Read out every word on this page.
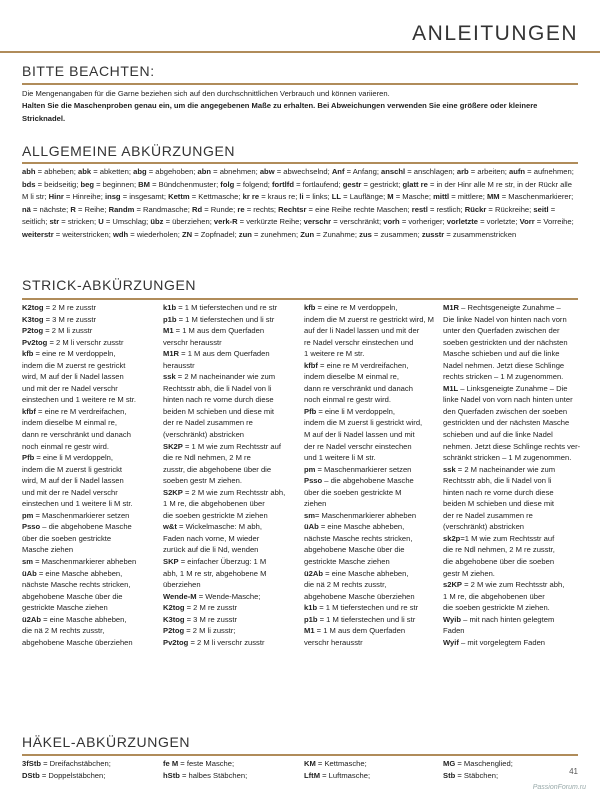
ANLEITUNGEN
BITTE BEACHTEN:
Die Mengenangaben für die Garne beziehen sich auf den durchschnittlichen Verbrauch und können variieren.
Halten Sie die Maschenproben genau ein, um die angegebenen Maße zu erhalten. Bei Abweichungen verwenden Sie eine größere oder kleinere Stricknadel.
ALLGEMEINE ABKÜRZUNGEN
abh = abheben; abk = abketten; abg = abgehoben; abn = abnehmen; abw = abwechselnd; Anf = Anfang; anschl = anschlagen; arb = arbeiten; aufn = aufnehmen; bds = beidseitig; beg = beginnen; BM = Bündchenmuster; folg = folgend; fortlfd = fortlaufend; gestr = gestrickt; glatt re = in der Hinr alle M re str, in der Rückr alle M li str; Hinr = Hinreihe; insg = insgesamt; Kettm = Kettmasche; kr re = kraus re; li = links; LL = Lauflänge; M = Masche; mittl = mittlere; MM = Maschenmarkierer; nä = nächste; R = Reihe; Randm = Randmasche; Rd = Runde; re = rechts; Rechtsr = eine Reihe rechte Maschen; restl = restlich; Rückr = Rückreihe; seitl = seitlich; str = stricken; U = Umschlag; übz = überziehen; verk-R = verkürzte Reihe; verschr = verschränkt; vorh = vorheriger; vorletzte = vorletzte; Vorr = Vorreihe; weiterstr = weiterstricken; wdh = wiederholen; ZN = Zopfnadel; zun = zunehmen; Zun = Zunahme; zus = zusammen; zusstr = zusammenstricken
STRICK-ABKÜRZUNGEN
K2tog = 2 M re zusstr
K3tog = 3 M re zusstr
P2tog = 2 M li zusstr
Pv2tog = 2 M li verschr zusstr
kfb = eine re M verdoppeln,
indem die M zuerst re gestrickt
wird, M auf der li Nadel lassen
und mit der re Nadel verschr
einstechen und 1 weitere re M str.
kfbf = eine re M verdreifachen,
indem dieselbe M einmal re,
dann re verschränkt und danach
noch einmal re gestr wird.
Pfb = eine li M verdoppeln,
indem die M zuerst li gestrickt
wird, M auf der li Nadel lassen
und mit der re Nadel verschr
einstechen und 1 weitere li M str.
pm = Maschenmarkierer setzen
Psso – die abgehobene Masche
über die soeben gestrickte
Masche ziehen
sm = Maschenmarkierer abheben
üAb = eine Masche abheben,
nächste Masche rechts stricken,
abgehobene Masche über die
gestrickte Masche ziehen
ü2Ab = eine Masche abheben,
die nä 2 M rechts zusstr,
abgehobene Masche überziehen
k1b = 1 M tieferstechen und re str
p1b = 1 M tieferstechen und li str
M1 = 1 M aus dem Querfaden
verschr herausstr
M1R = 1 M aus dem Querfaden
herausstr
ssk = 2 M nacheinander wie zum
Rechtsstr abh, die li Nadel von li
hinten nach re vorne durch diese
beiden M schieben und diese mit
der re Nadel zusammen re
(verschränkt) abstricken
SK2P = 1 M wie zum Rechtsstr auf
die re Ndl nehmen, 2 M re
zusstr, die abgehobene über die
soeben gestr M ziehen.
S2KP = 2 M wie zum Rechtsstr abh,
1 M re, die abgehobenen über
die soeben gestrickte M ziehen
w&t = Wickelmasche: M abh,
Faden nach vorne, M wieder
zurück auf die li Nd, wenden
SKP = einfacher Überzug: 1 M
abh, 1 M re str, abgehobene M
überziehen
Wende-M = Wende-Masche;
K2tog = 2 M re zusstr
K3tog = 3 M re zusstr
P2tog = 2 M li zusstr;
Pv2tog = 2 M li verschr zusstr
kfb = eine re M verdoppeln,
indem die M zuerst re gestrickt wird, M
auf der li Nadel lassen und mit der
re Nadel verschr einstechen und
1 weitere re M str.
kfbf = eine re M verdreifachen,
indem dieselbe M einmal re,
dann re verschränkt und danach
noch einmal re gestr wird.
Pfb = eine li M verdoppeln,
indem die M zuerst li gestrickt wird,
M auf der li Nadel lassen und mit
der re Nadel verschr einstechen
und 1 weitere li M str.
pm = Maschenmarkierer setzen
Psso – die abgehobene Masche
über die soeben gestrickte M
ziehen
sm= Maschenmarkierer abheben
üAb = eine Masche abheben,
nächste Masche rechts stricken,
abgehobene Masche über die
gestrickte Masche ziehen
ü2Ab = eine Masche abheben,
die nä 2 M rechts zusstr,
abgehobene Masche überziehen
k1b = 1 M tieferstechen und re str
p1b = 1 M tieferstechen und li str
M1 = 1 M aus dem Querfaden
verschr herausstr
M1R – Rechtsgeneigte Zunahme –
Die linke Nadel von hinten nach vorn
unter den Querfaden zwischen der
soeben gestrickten und der nächsten
Masche schieben und auf die linke
Nadel nehmen. Jetzt diese Schlinge
rechts stricken – 1 M zugenommen.
M1L – Linksgeneigte Zunahme – Die
linke Nadel von vorn nach hinten unter
den Querfaden zwischen der soeben
gestrickten und der nächsten Masche
schieben und auf die linke Nadel
nehmen. Jetzt diese Schlinge rechts ver-
schränkt stricken – 1 M zugenommen.
ssk = 2 M nacheinander wie zum
Rechtsstr abh, die li Nadel von li
hinten nach re vorne durch diese
beiden M schieben und diese mit
der re Nadel zusammen re
(verschränkt) abstricken
sk2p=1 M wie zum Rechtsstr auf
die re Ndl nehmen, 2 M re zusstr,
die abgehobene über die soeben
gestr M ziehen.
s2KP = 2 M wie zum Rechtsstr abh,
1 M re, die abgehobenen über
die soeben gestrickte M ziehen.
Wyib – mit nach hinten gelegtem
Faden
Wyif – mit vorgelegtem Faden
HÄKEL-ABKÜRZUNGEN
3fStb = Dreifachstäbchen;
DStb = Doppelstäbchen;
fe M = feste Masche;
hStb = halbes Stäbchen;
KM = Kettmasche;
LftM = Luftmasche;
MG = Maschenglied;
Stb = Stäbchen;	41
PassionForum.ru
